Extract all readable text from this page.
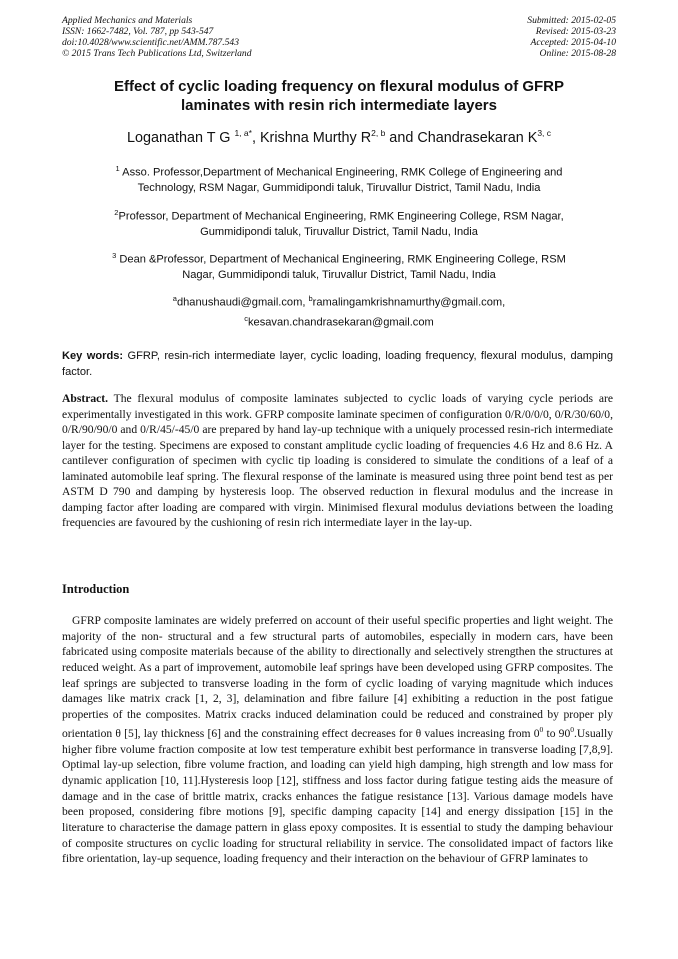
Applied Mechanics and Materials
ISSN: 1662-7482, Vol. 787, pp 543-547
doi:10.4028/www.scientific.net/AMM.787.543
© 2015 Trans Tech Publications Ltd, Switzerland
Submitted: 2015-02-05
Revised: 2015-03-23
Accepted: 2015-04-10
Online: 2015-08-28
Effect of cyclic loading frequency on flexural modulus of GFRP
laminates with resin rich intermediate layers
Loganathan T G $^{1, a*}$, Krishna Murthy R$^{2, b}$ and Chandrasekaran K$^{3, c}$
$^1$ Asso. Professor,Department of Mechanical Engineering, RMK College of Engineering and
Technology, RSM Nagar, Gummidipondi taluk, Tiruvallur District, Tamil Nadu, India
$^2$Professor, Department of Mechanical Engineering, RMK Engineering College, RSM Nagar,
Gummidipondi taluk, Tiruvallur District, Tamil Nadu, India
$^3$ Dean &Professor, Department of Mechanical Engineering, RMK Engineering College, RSM
Nagar, Gummidipondi taluk, Tiruvallur District, Tamil Nadu, India
$^a$dhanushaudi@gmail.com, $^b$ramalingamkrishnamurthy@gmail.com,
$^c$kesavan.chandrasekaran@gmail.com
Key words: GFRP, resin-rich intermediate layer, cyclic loading, loading frequency, flexural modulus, damping factor.
Abstract. The flexural modulus of composite laminates subjected to cyclic loads of varying cycle periods are experimentally investigated in this work. GFRP composite laminate specimen of configuration 0/R/0/0/0, 0/R/30/60/0, 0/R/90/90/0 and 0/R/45/-45/0 are prepared by hand lay-up technique with a uniquely processed resin-rich intermediate layer for the testing. Specimens are exposed to constant amplitude cyclic loading of frequencies 4.6 Hz and 8.6 Hz. A cantilever configuration of specimen with cyclic tip loading is considered to simulate the conditions of a leaf of a laminated automobile leaf spring. The flexural response of the laminate is measured using three point bend test as per ASTM D 790 and damping by hysteresis loop. The observed reduction in flexural modulus and the increase in damping factor after loading are compared with virgin. Minimised flexural modulus deviations between the loading frequencies are favoured by the cushioning of resin rich intermediate layer in the lay-up.
Introduction
GFRP composite laminates are widely preferred on account of their useful specific properties and light weight. The majority of the non- structural and a few structural parts of automobiles, especially in modern cars, have been fabricated using composite materials because of the ability to directionally and selectively strengthen the structures at reduced weight. As a part of improvement, automobile leaf springs have been developed using GFRP composites. The leaf springs are subjected to transverse loading in the form of cyclic loading of varying magnitude which induces damages like matrix crack [1, 2, 3], delamination and fibre failure [4] exhibiting a reduction in the post fatigue properties of the composites. Matrix cracks induced delamination could be reduced and constrained by proper ply orientation θ [5], lay thickness [6] and the constraining effect decreases for θ values increasing from $0^0$ to $90^0.Usually$ higher fibre volume fraction composite at low test temperature exhibit best performance in transverse loading [7,8,9]. Optimal lay-up selection, fibre volume fraction, and loading can yield high damping, high strength and low mass for dynamic application [10, 11].Hysteresis loop [12], stiffness and loss factor during fatigue testing aids the measure of damage and in the case of brittle matrix, cracks enhances the fatigue resistance [13]. Various damage models have been proposed, considering fibre motions [9], specific damping capacity [14] and energy dissipation [15] in the literature to characterise the damage pattern in glass epoxy composites. It is essential to study the damping behaviour of composite structures on cyclic loading for structural reliability in service. The consolidated impact of factors like fibre orientation, lay-up sequence, loading frequency and their interaction on the behaviour of GFRP laminates to
